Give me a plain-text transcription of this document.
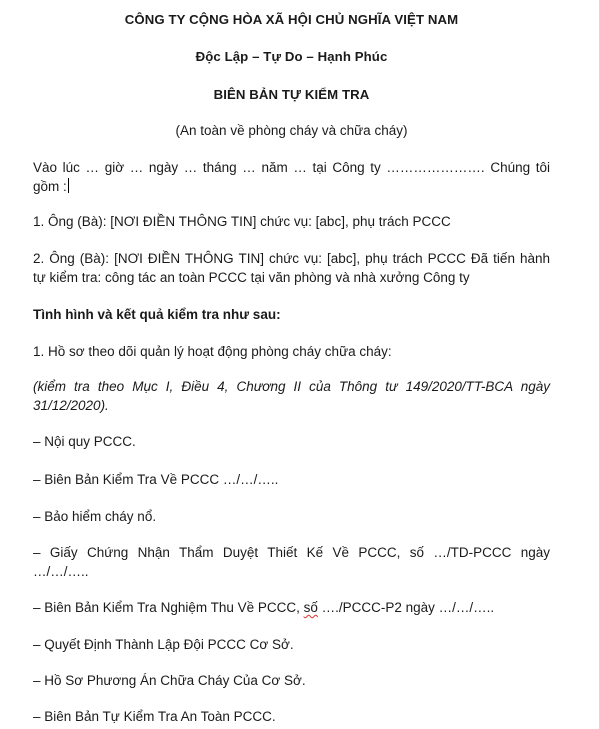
CÔNG TY CỘNG HÒA XÃ HỘI CHỦ NGHĨA VIỆT NAM
Độc Lập – Tự Do – Hạnh Phúc
BIÊN BẢN TỰ KIỂM TRA
(An toàn về phòng cháy và chữa cháy)

Vào lúc … giờ … ngày … tháng … năm … tại Công ty …………………. Chúng tôi

gồm :

1. Ông (Bà): [NƠI ĐIỀN THÔNG TIN] chức vụ: [abc], phụ trách PCCC

2. Ông (Bà): [NƠI ĐIỀN THÔNG TIN] chức vụ: [abc], phụ trách PCCC Đã tiến hành

tự kiểm tra: công tác an toàn PCCC tại văn phòng và nhà xưởng Công ty

Tình hình và kết quả kiểm tra như sau:

1. Hồ sơ theo dõi quản lý hoạt động phòng cháy chữa cháy:

(kiểm tra theo Mục I, Điều 4, Chương II của Thông tư 149/2020/TT-BCA ngày

31/12/2020).

– Nội quy PCCC.

– Biên Bản Kiểm Tra Về PCCC …/…/…..

– Bảo hiểm cháy nổ.

– Giấy Chứng Nhận Thẩm Duyệt Thiết Kế Về PCCC, số …/TD-PCCC ngày

…/…/…..

– Biên Bản Kiểm Tra Nghiệm Thu Về PCCC, số …./PCCC-P2 ngày …/…/…..

– Quyết Định Thành Lập Đội PCCC Cơ Sở.

– Hồ Sơ Phương Án Chữa Cháy Của Cơ Sở.

– Biên Bản Tự Kiểm Tra An Toàn PCCC.
